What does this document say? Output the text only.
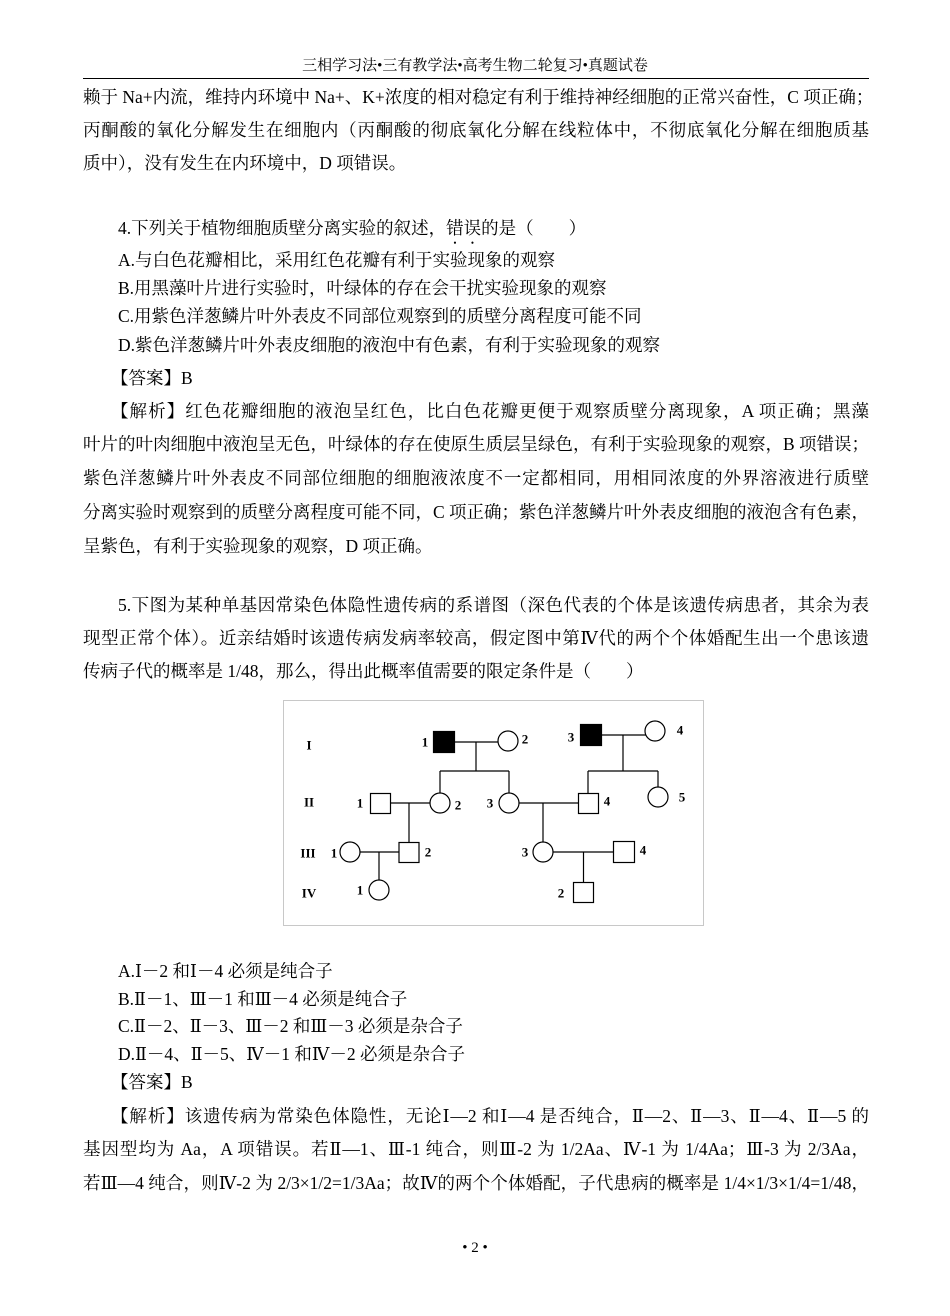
三相学习法•三有教学法•高考生物二轮复习•真题试卷
赖于 Na+内流，维持内环境中 Na+、K+浓度的相对稳定有利于维持神经细胞的正常兴奋性，C 项正确；
丙酮酸的氧化分解发生在细胞内（丙酮酸的彻底氧化分解在线粒体中，不彻底氧化分解在细胞质基
质中），没有发生在内环境中，D 项错误。
4.下列关于植物细胞质壁分离实验的叙述，错误的是（　　）
A.与白色花瓣相比，采用红色花瓣有利于实验现象的观察
B.用黑藻叶片进行实验时，叶绿体的存在会干扰实验现象的观察
C.用紫色洋葱鳞片叶外表皮不同部位观察到的质壁分离程度可能不同
D.紫色洋葱鳞片叶外表皮细胞的液泡中有色素，有利于实验现象的观察
【答案】B
【解析】红色花瓣细胞的液泡呈红色，比白色花瓣更便于观察质壁分离现象，A 项正确；黑藻
叶片的叶肉细胞中液泡呈无色，叶绿体的存在使原生质层呈绿色，有利于实验现象的观察，B 项错误；
紫色洋葱鳞片叶外表皮不同部位细胞的细胞液浓度不一定都相同，用相同浓度的外界溶液进行质壁
分离实验时观察到的质壁分离程度可能不同，C 项正确；紫色洋葱鳞片叶外表皮细胞的液泡含有色素，
呈紫色，有利于实验现象的观察，D 项正确。
5.下图为某种单基因常染色体隐性遗传病的系谱图（深色代表的个体是该遗传病患者，其余为表
现型正常个体）。近亲结婚时该遗传病发病率较高，假定图中第Ⅳ代的两个个体婚配生出一个患该遗
传病子代的概率是 1/48，那么，得出此概率值需要的限定条件是（　　）
I
II
III
IV
1	2	3	4
1	2 3	4	5
1	2	3	4
1	2
A.Ⅰ－2 和Ⅰ－4 必须是纯合子
B.Ⅱ－1、Ⅲ－1 和Ⅲ－4 必须是纯合子
C.Ⅱ－2、Ⅱ－3、Ⅲ－2 和Ⅲ－3 必须是杂合子
D.Ⅱ－4、Ⅱ－5、Ⅳ－1 和Ⅳ－2 必须是杂合子
【答案】B
【解析】该遗传病为常染色体隐性，无论Ⅰ—2 和Ⅰ—4 是否纯合，Ⅱ—2、Ⅱ—3、Ⅱ—4、Ⅱ—5 的
基因型均为 Aa，A 项错误。若Ⅱ—1、Ⅲ-1 纯合，则Ⅲ-2 为 1/2Aa、Ⅳ-1 为 1/4Aa；Ⅲ-3 为 2/3Aa，
若Ⅲ—4 纯合，则Ⅳ-2 为 2/3×1/2=1/3Aa；故Ⅳ的两个个体婚配，子代患病的概率是 1/4×1/3×1/4=1/48，
• 2 •
